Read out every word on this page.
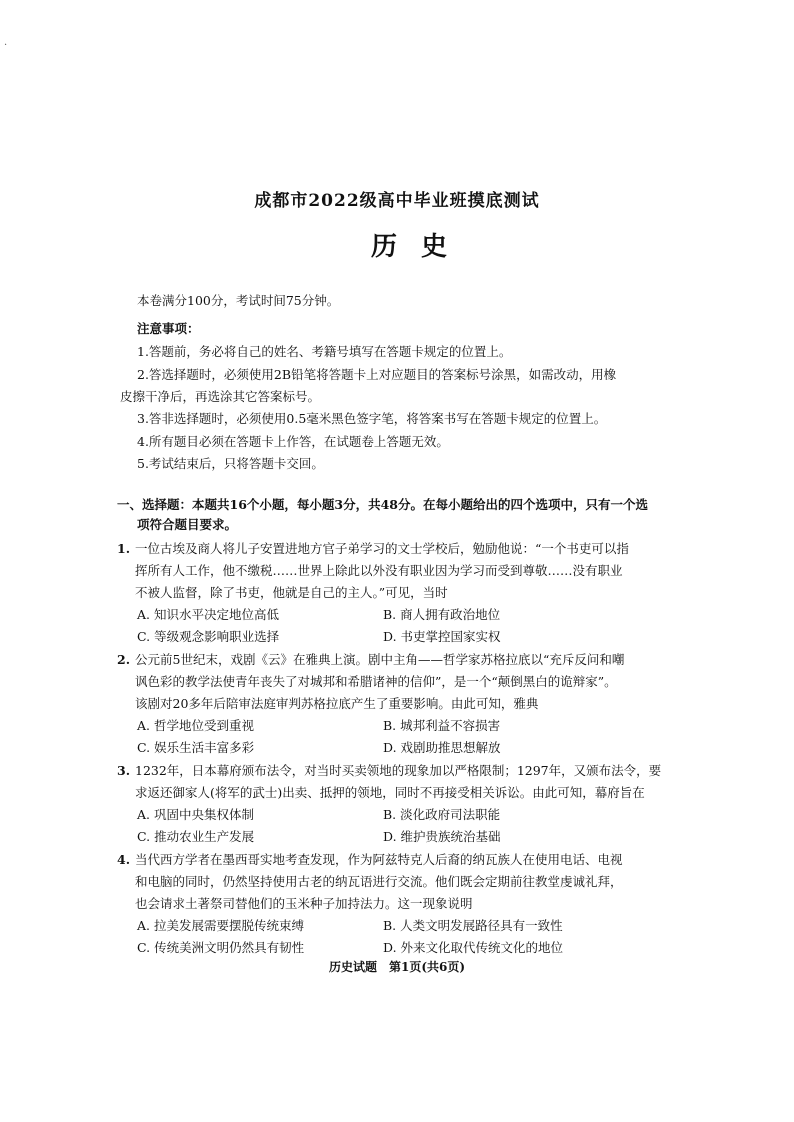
·
成都市2022级高中毕业班摸底测试
历史
本卷满分100分，考试时间75分钟。
注意事项：
1.答题前，务必将自己的姓名、考籍号填写在答题卡规定的位置上。
2.答选择题时，必须使用2B铅笔将答题卡上对应题目的答案标号涂黑，如需改动，用橡
皮擦干净后，再选涂其它答案标号。
3.答非选择题时，必须使用0.5毫米黑色签字笔，将答案书写在答题卡规定的位置上。
4.所有题目必须在答题卡上作答，在试题卷上答题无效。
5.考试结束后，只将答题卡交回。
一、选择题：本题共16个小题，每小题3分，共48分。在每小题给出的四个选项中，只有一个选
项符合题目要求。
1. 一位古埃及商人将儿子安置进地方官子弟学习的文士学校后，勉励他说：“一个书吏可以指
挥所有人工作，他不缴税……世界上除此以外没有职业因为学习而受到尊敬……没有职业
不被人监督，除了书吏，他就是自己的主人。”可见，当时
A. 知识水平决定地位高低	B. 商人拥有政治地位
C. 等级观念影响职业选择	D. 书吏掌控国家实权
2. 公元前5世纪末，戏剧《云》在雅典上演。剧中主角——哲学家苏格拉底以“充斥反问和嘲
讽色彩的教学法使青年丧失了对城邦和希腊诸神的信仰”，是一个“颠倒黑白的诡辩家”。
该剧对20多年后陪审法庭审判苏格拉底产生了重要影响。由此可知，雅典
A. 哲学地位受到重视	B. 城邦利益不容损害
C. 娱乐生活丰富多彩	D. 戏剧助推思想解放
3. 1232年，日本幕府颁布法令，对当时买卖领地的现象加以严格限制；1297年，又颁布法令，要
求返还御家人(将军的武士)出卖、抵押的领地，同时不再接受相关诉讼。由此可知，幕府旨在
A. 巩固中央集权体制	B. 淡化政府司法职能
C. 推动农业生产发展	D. 维护贵族统治基础
4. 当代西方学者在墨西哥实地考查发现，作为阿兹特克人后裔的纳瓦族人在使用电话、电视
和电脑的同时，仍然坚持使用古老的纳瓦语进行交流。他们既会定期前往教堂虔诚礼拜，
也会请求土著祭司替他们的玉米种子加持法力。这一现象说明
A. 拉美发展需要摆脱传统束缚	B. 人类文明发展路径具有一致性
C. 传统美洲文明仍然具有韧性	D. 外来文化取代传统文化的地位
历史试题　第1页(共6页)
